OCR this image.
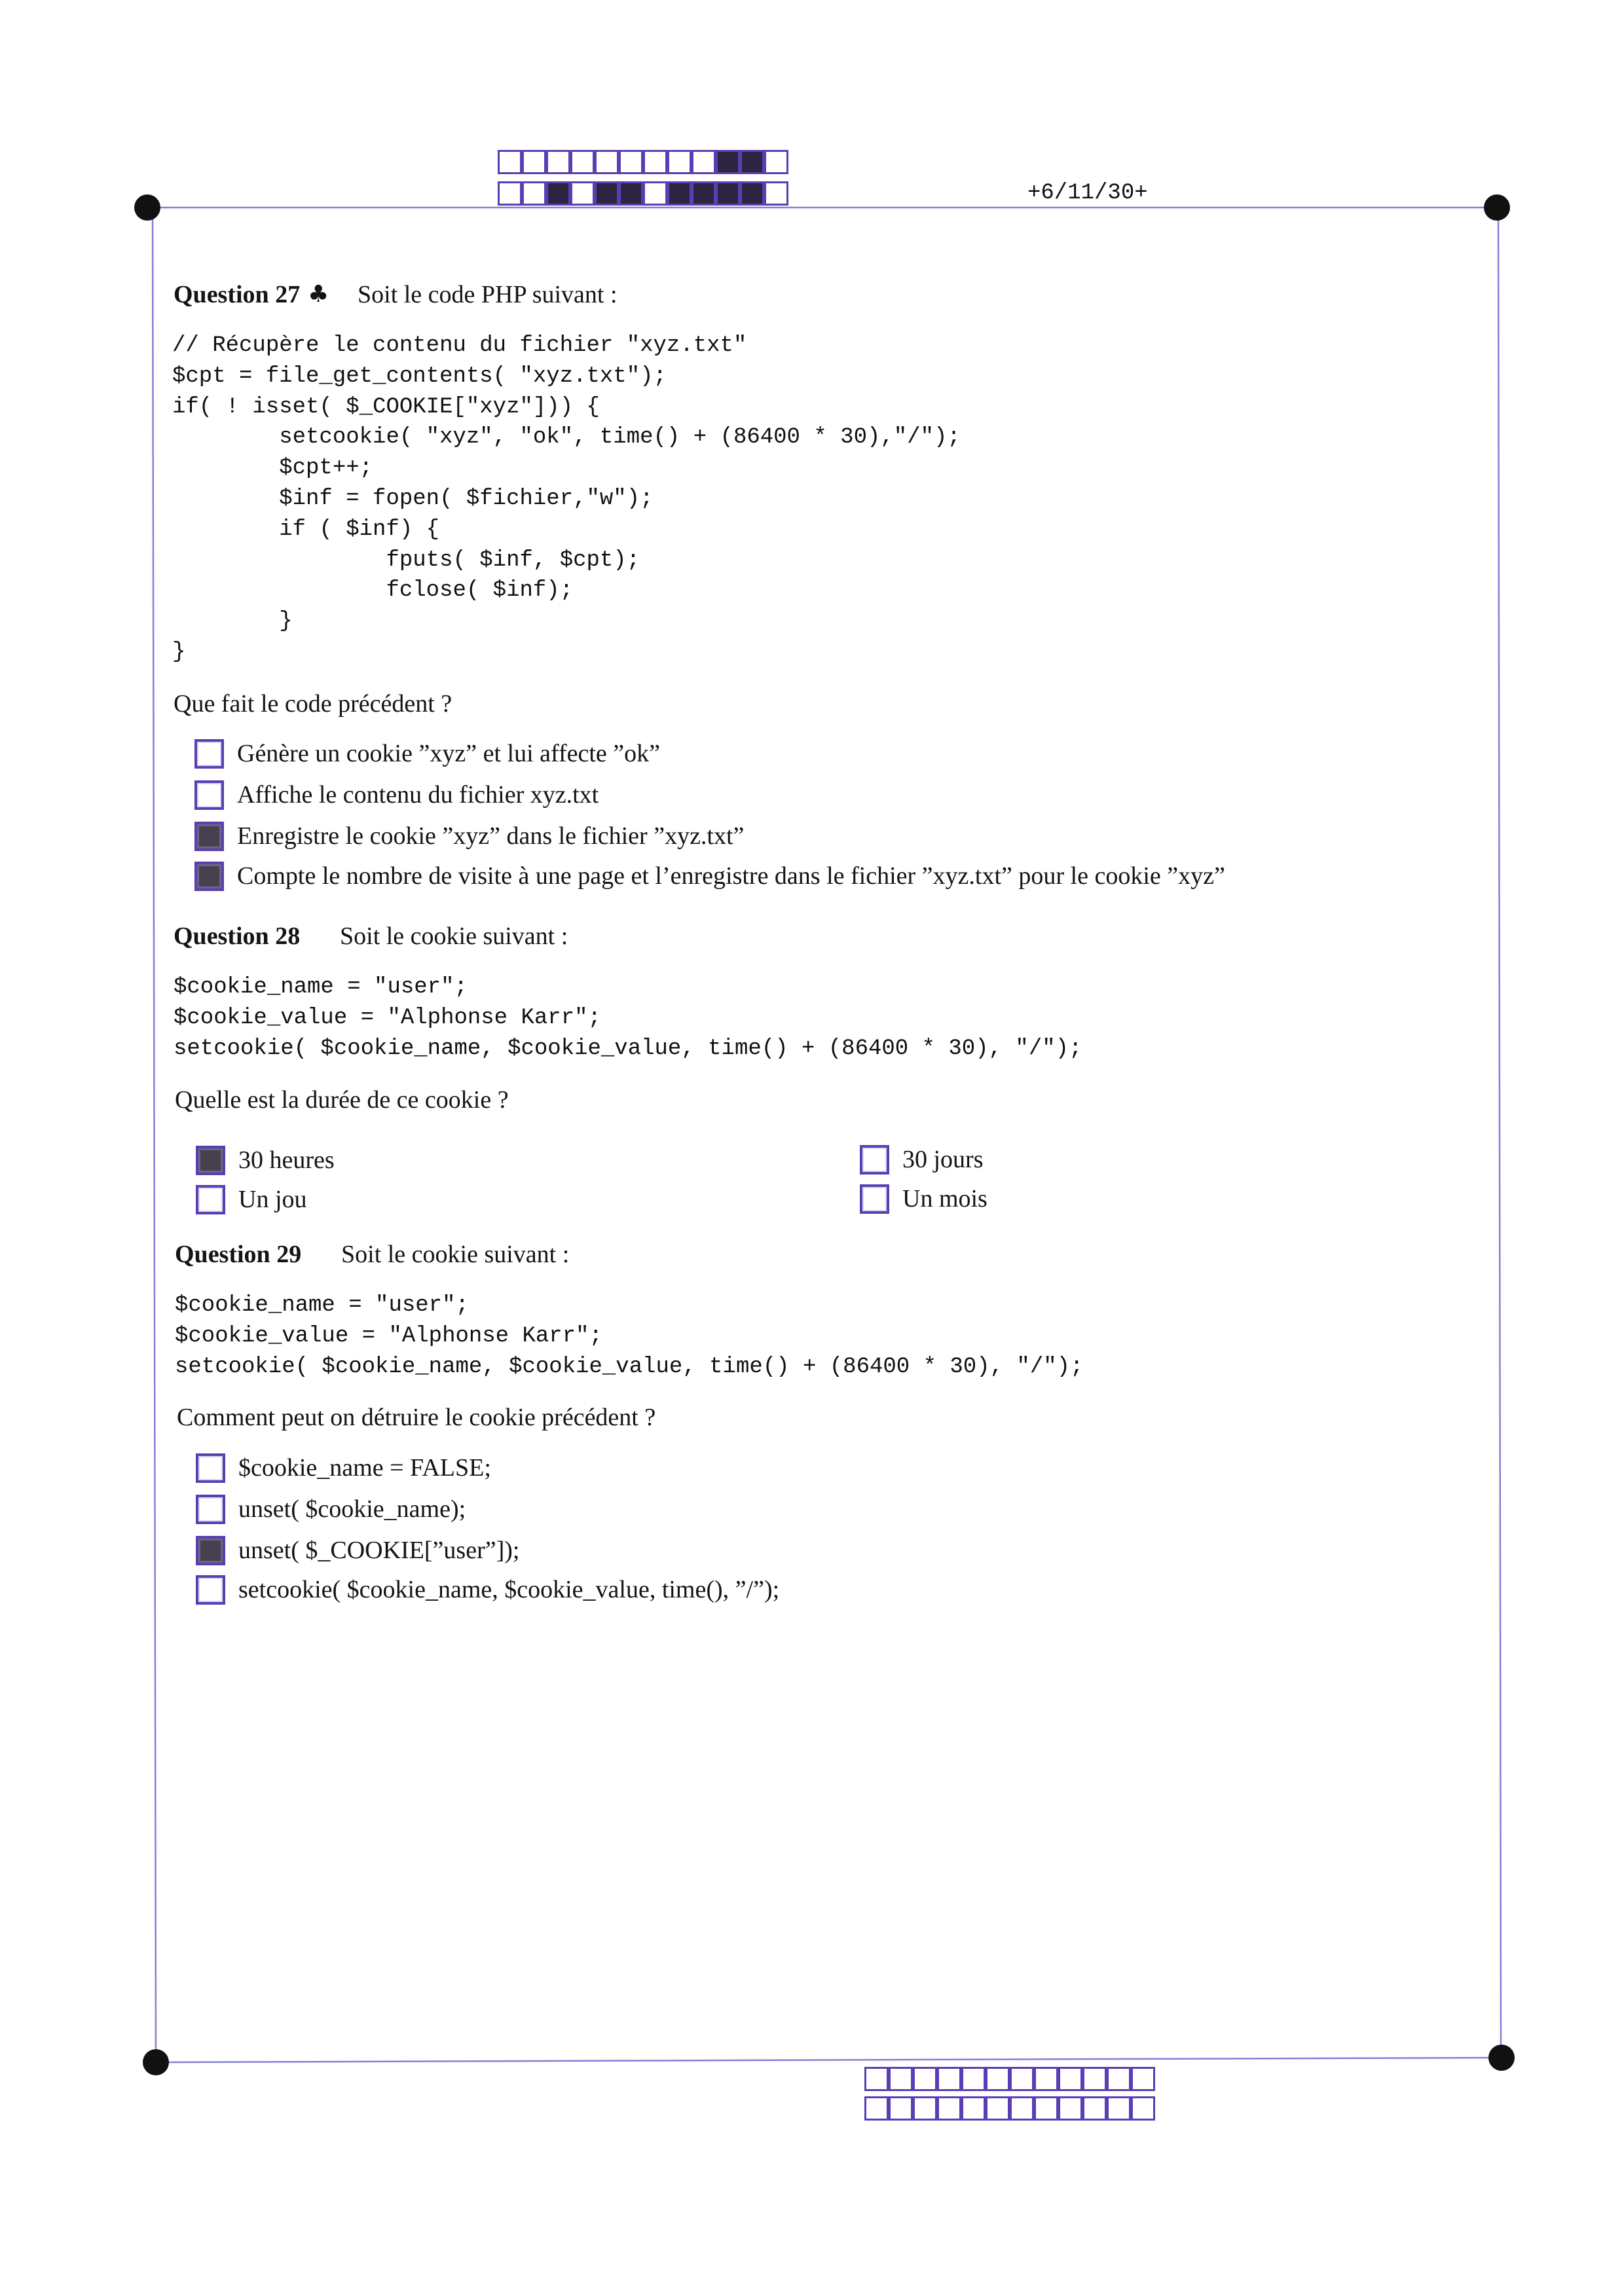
+6/11/30+
Question 27 ♣ Soit le code PHP suivant :
// Récupère le contenu du fichier "xyz.txt"
$cpt = file_get_contents( "xyz.txt");
if( ! isset( $_COOKIE["xyz"])) {
setcookie( "xyz", "ok", time() + (86400 * 30),"/");
$cpt++;
$inf = fopen( $fichier,"w");
if ( $inf) {
fputs( $inf, $cpt);
fclose( $inf);
}
}
Que fait le code précédent ?
Génère un cookie ”xyz” et lui affecte ”ok”
Affiche le contenu du fichier xyz.txt
Enregistre le cookie ”xyz” dans le fichier ”xyz.txt”
Compte le nombre de visite à une page et l’enregistre dans le fichier ”xyz.txt” pour le cookie ”xyz”
Question 28 Soit le cookie suivant :
$cookie_name = "user";
$cookie_value = "Alphonse Karr";
setcookie( $cookie_name, $cookie_value, time() + (86400 * 30), "/");
Quelle est la durée de ce cookie ?
30 heures	30 jours
Un jou	Un mois
Question 29 Soit le cookie suivant :
$cookie_name = "user";
$cookie_value = "Alphonse Karr";
setcookie( $cookie_name, $cookie_value, time() + (86400 * 30), "/");
Comment peut on détruire le cookie précédent ?
$cookie_name = FALSE;
unset( $cookie_name);
unset( $_COOKIE[”user”]);
setcookie( $cookie_name, $cookie_value, time(), ”/”);
